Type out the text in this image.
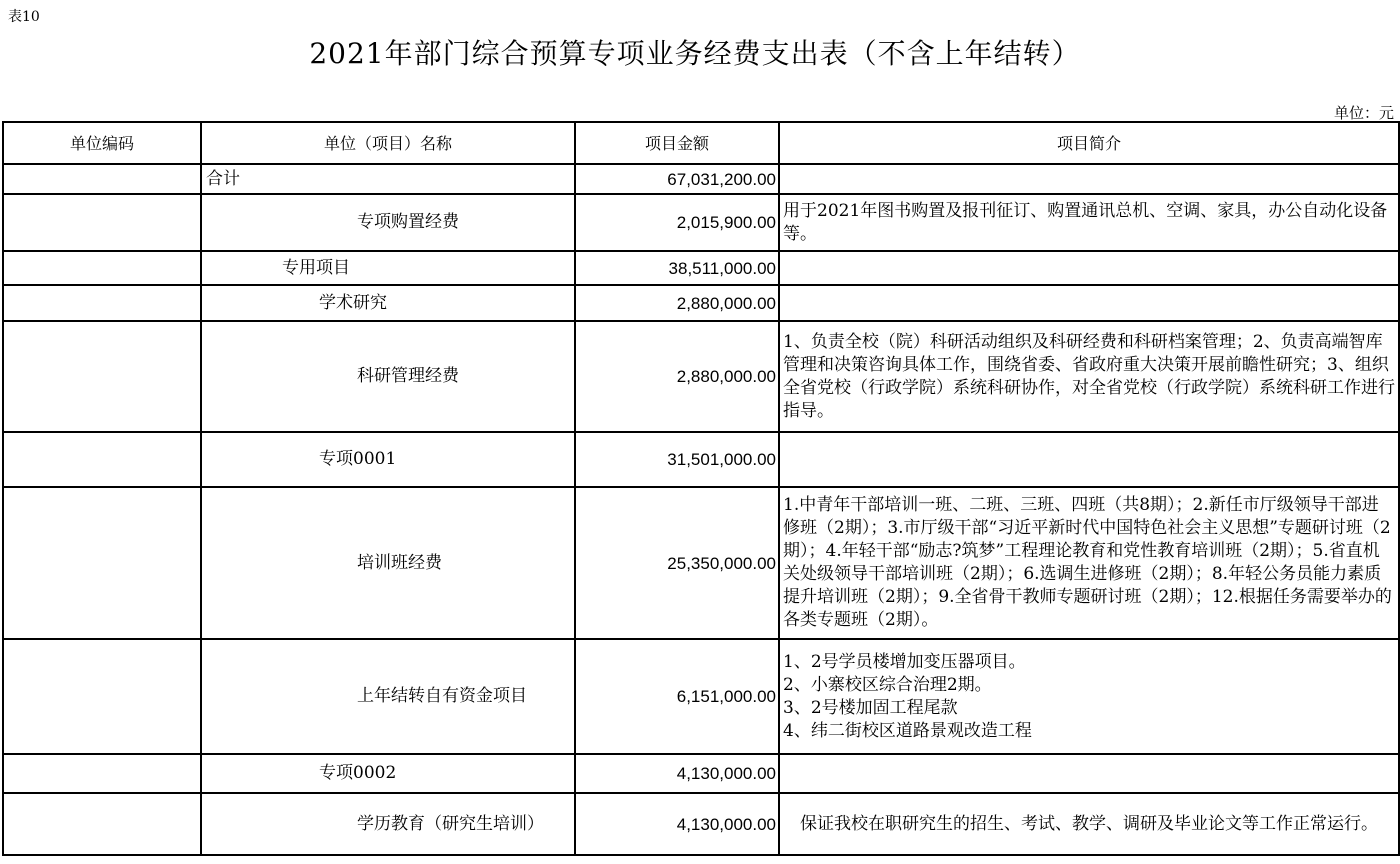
表10
2021年部门综合预算专项业务经费支出表（不含上年结转）
单位：元
单位编码	单位（项目）名称	项目金额	项目简介
	合计	67,031,200.00	
	专项购置经费	2,015,900.00	用于2021年图书购置及报刊征订、购置通讯总机、空调、家具，办公自动化设备等。
	专用项目	38,511,000.00	
	学术研究	2,880,000.00	
	科研管理经费	2,880,000.00	1、负责全校（院）科研活动组织及科研经费和科研档案管理；2、负责高端智库管理和决策咨询具体工作，围绕省委、省政府重大决策开展前瞻性研究；3、组织全省党校（行政学院）系统科研协作，对全省党校（行政学院）系统科研工作进行指导。
	专项0001	31,501,000.00	
	培训班经费	25,350,000.00	1.中青年干部培训一班、二班、三班、四班（共8期）；2.新任市厅级领导干部进修班（2期）；3.市厅级干部“习近平新时代中国特色社会主义思想”专题研讨班（2期）；4.年轻干部“励志?筑梦”工程理论教育和党性教育培训班（2期）；5.省直机关处级领导干部培训班（2期）；6.选调生进修班（2期）；8.年轻公务员能力素质提升培训班（2期）；9.全省骨干教师专题研讨班（2期）；12.根据任务需要举办的各类专题班（2期）。
	上年结转自有资金项目	6,151,000.00	1、2号学员楼增加变压器项目。
2、小寨校区综合治理2期。
3、2号楼加固工程尾款
4、纬二街校区道路景观改造工程

	专项0002	4,130,000.00	
	学历教育（研究生培训）	4,130,000.00	保证我校在职研究生的招生、考试、教学、调研及毕业论文等工作正常运行。
